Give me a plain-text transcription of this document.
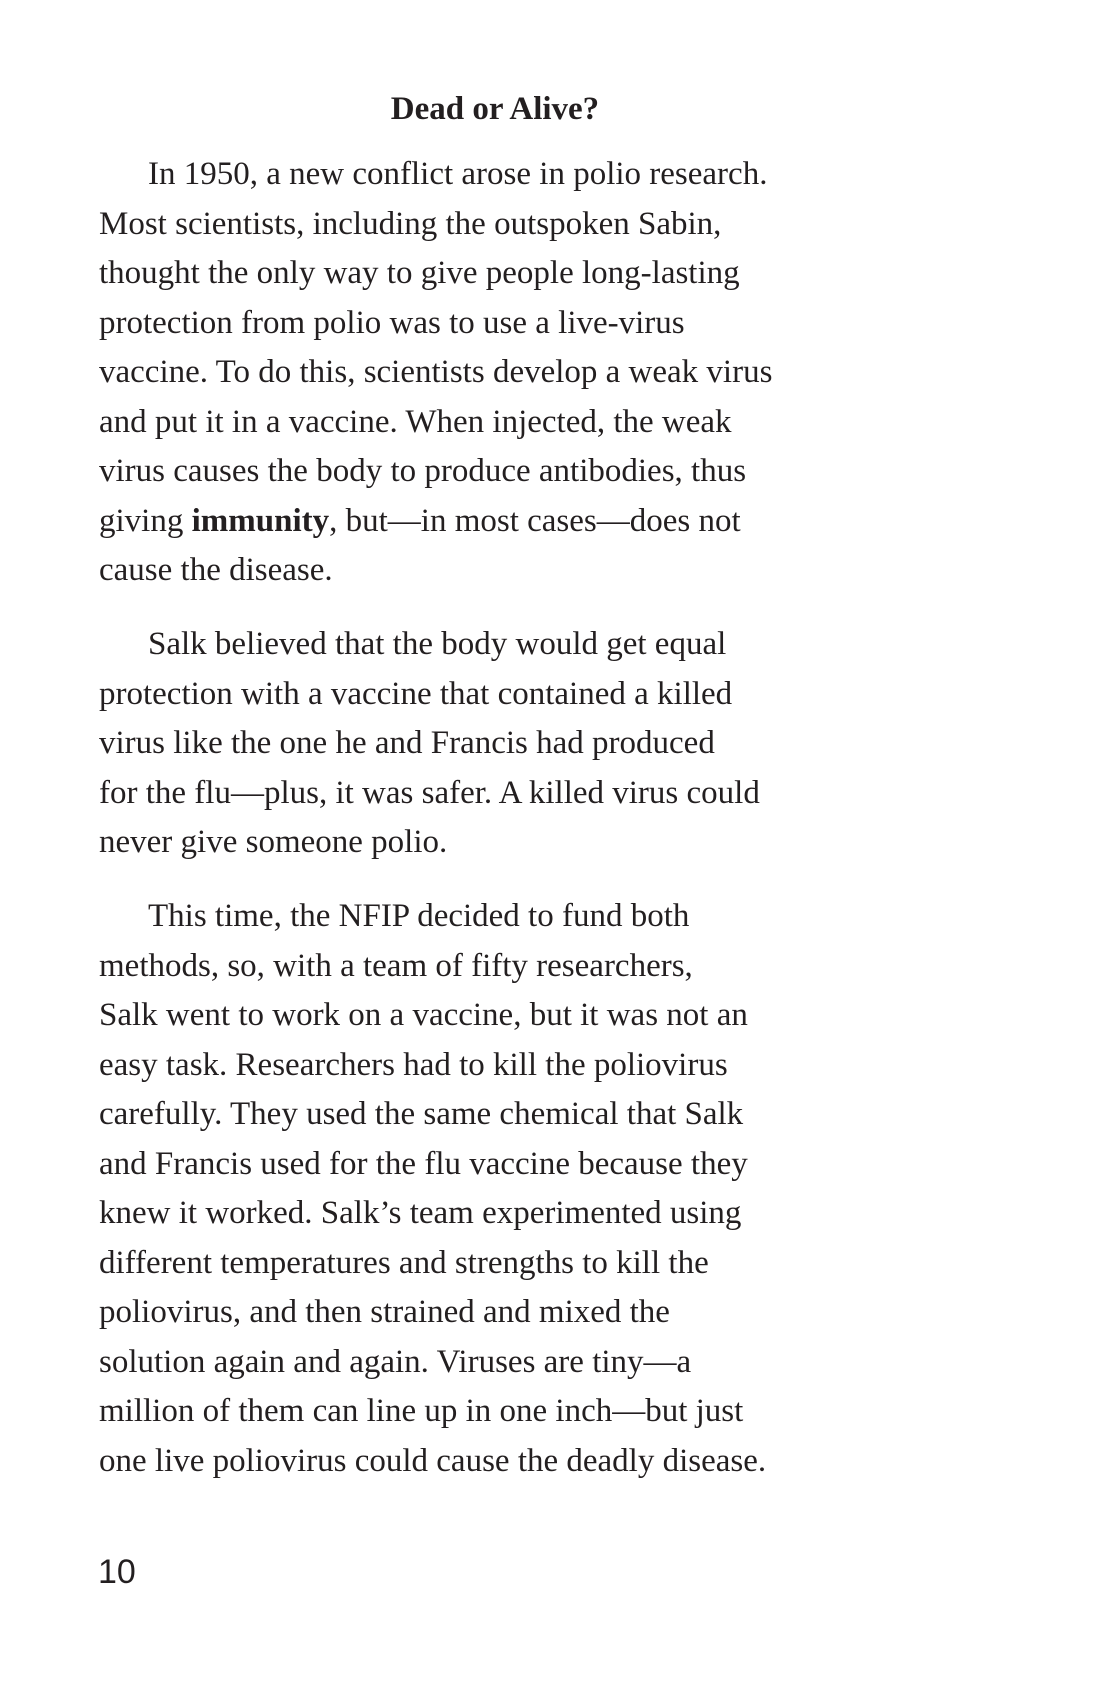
Dead or Alive?

In 1950, a new conflict arose in polio research.
Most scientists, including the outspoken Sabin,
thought the only way to give people long-lasting
protection from polio was to use a live-virus
vaccine. To do this, scientists develop a weak virus
and put it in a vaccine. When injected, the weak
virus causes the body to produce antibodies, thus
giving immunity, but—in most cases—does not
cause the disease.

Salk believed that the body would get equal
protection with a vaccine that contained a killed
virus like the one he and Francis had produced
for the flu—plus, it was safer. A killed virus could
never give someone polio.

This time, the NFIP decided to fund both
methods, so, with a team of fifty researchers,
Salk went to work on a vaccine, but it was not an
easy task. Researchers had to kill the poliovirus
carefully. They used the same chemical that Salk
and Francis used for the flu vaccine because they
knew it worked. Salk’s team experimented using
different temperatures and strengths to kill the
poliovirus, and then strained and mixed the
solution again and again. Viruses are tiny—a
million of them can line up in one inch—but just
one live poliovirus could cause the deadly disease.

10
